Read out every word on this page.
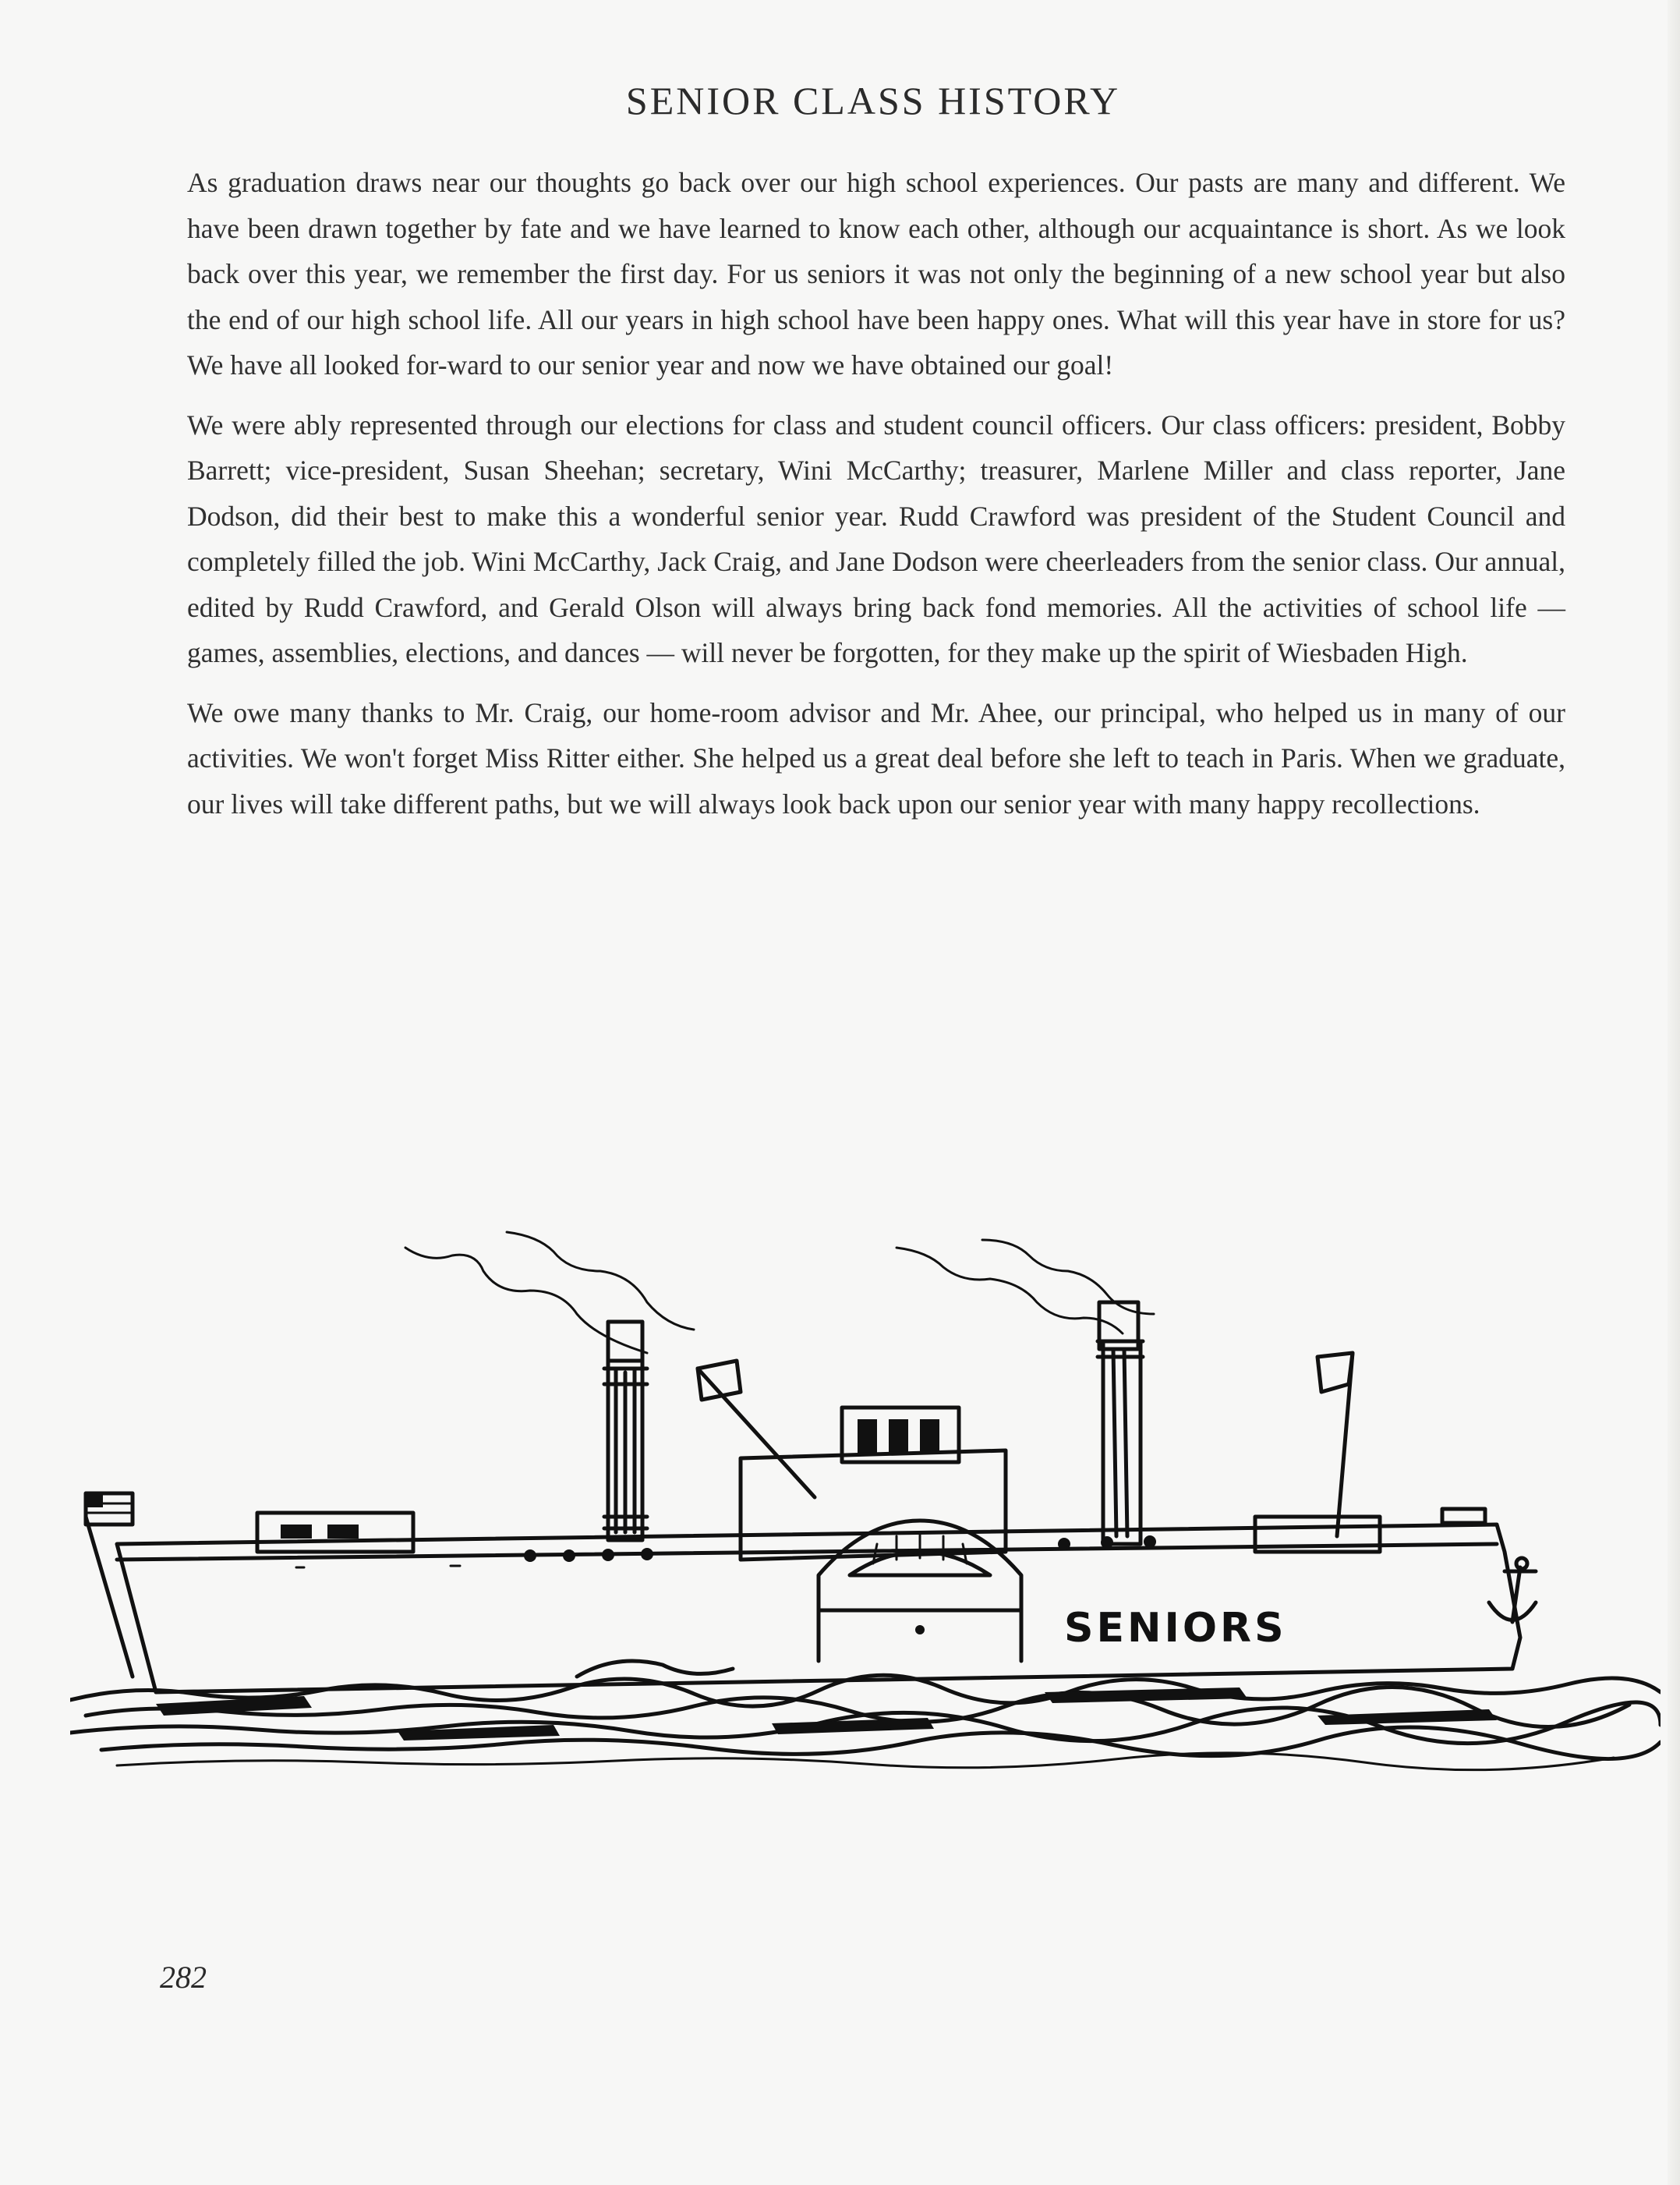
SENIOR CLASS HISTORY

As graduation draws near our thoughts go back over our high school experiences. Our pasts are many and different. We have been drawn together by fate and we have learned to know each other, although our acquaintance is short. As we look back over this year, we remember the first day. For us seniors it was not only the beginning of a new school year but also the end of our high school life. All our years in high school have been happy ones. What will this year have in store for us? We have all looked for-ward to our senior year and now we have obtained our goal!

We were ably represented through our elections for class and student council officers. Our class officers: president, Bobby Barrett; vice-president, Susan Sheehan; secretary, Wini McCarthy; treasurer, Marlene Miller and class reporter, Jane Dodson, did their best to make this a wonderful senior year. Rudd Crawford was president of the Student Council and completely filled the job. Wini McCarthy, Jack Craig, and Jane Dodson were cheerleaders from the senior class. Our annual, edited by Rudd Crawford, and Gerald Olson will always bring back fond memories. All the activities of school life — games, assemblies, elections, and dances — will never be forgotten, for they make up the spirit of Wiesbaden High.

We owe many thanks to Mr. Craig, our home-room advisor and Mr. Ahee, our principal, who helped us in many of our activities. We won't forget Miss Ritter either. She helped us a great deal before she left to teach in Paris. When we graduate, our lives will take different paths, but we will always look back upon our senior year with many happy recollections.

SENIORS
282
